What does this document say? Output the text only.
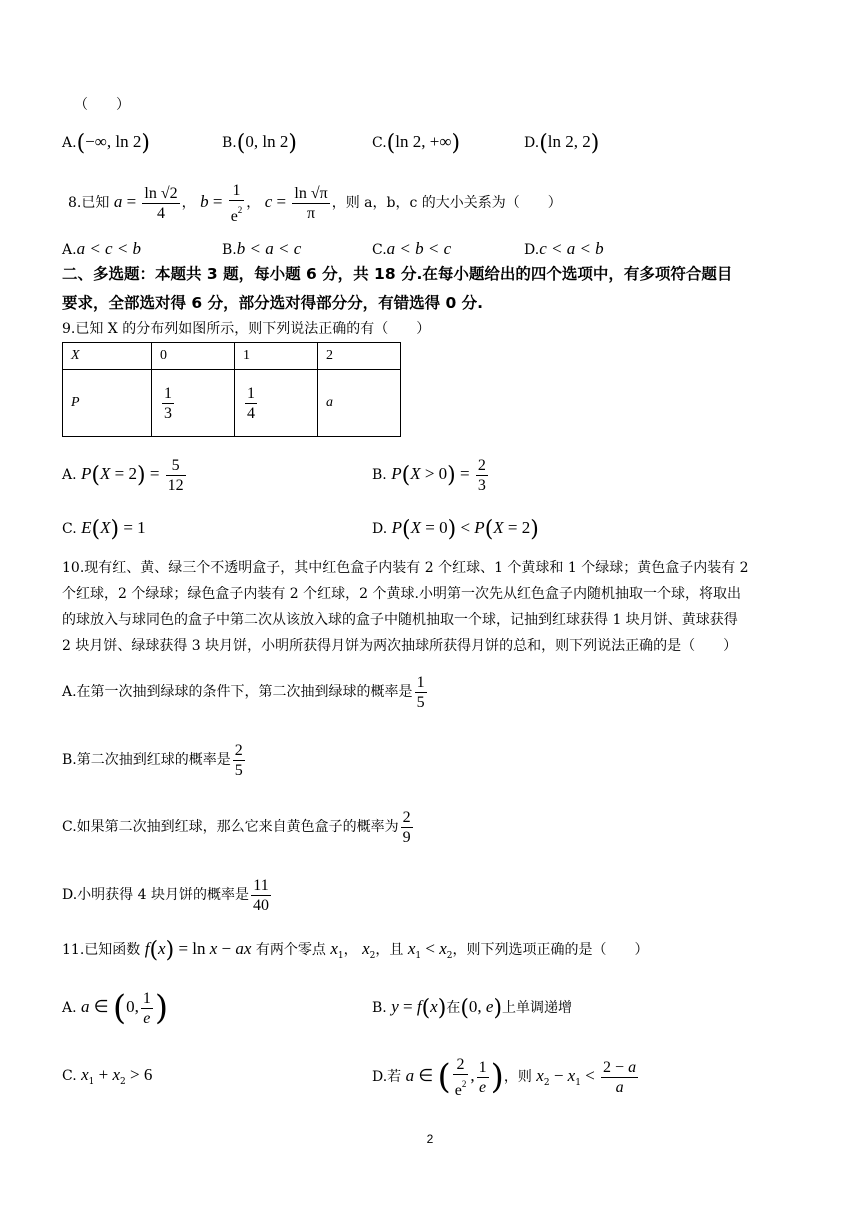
（　　）
A.(−∞, ln 2)	B.(0, ln 2)	C.(ln 2, +∞)	D.(ln 2, 2)
8.已知 $a = \frac{\ln √2}{4}$ ， $b = \frac{1}{e^2}$ ， $c = \frac{\ln √\pi}{\pi}$ ，则 a，b，c 的大小关系为（　　）
A.a < c < b	B.b < a < c	C.a < b < c	D.c < a < b
二、多选题：本题共 3 题，每小题 6 分，共 18 分.在每小题给出的四个选项中，有多项符合题目
要求，全部选对得 6 分，部分选对得部分分，有错选得 0 分.
9.已知 X 的分布列如图所示，则下列说法正确的有（　　）
X	0	1	2
P	$\frac{1}{3}$	$\frac{1}{4}$	a
A. $P(X = 2) = \frac{5}{12}$	B. $P(X > 0) = \frac{2}{3}$
C. E(X) = 1	D. P(X = 0) < P(X = 2)
10.现有红、黄、绿三个不透明盒子，其中红色盒子内装有 2 个红球、1 个黄球和 1 个绿球；黄色盒子内装有 2
个红球，2 个绿球；绿色盒子内装有 2 个红球，2 个黄球.小明第一次先从红色盒子内随机抽取一个球，将取出
的球放入与球同色的盒子中第二次从该放入球的盒子中随机抽取一个球，记抽到红球获得 1 块月饼、黄球获得
2 块月饼、绿球获得 3 块月饼，小明所获得月饼为两次抽球所获得月饼的总和，则下列说法正确的是（　　）
A.在第一次抽到绿球的条件下，第二次抽到绿球的概率是 $\frac{1}{5}$
B.第二次抽到红球的概率是 $\frac{2}{5}$
C.如果第二次抽到红球，那么它来自黄色盒子的概率为 $\frac{2}{9}$
D.小明获得 4 块月饼的概率是 $\frac{11}{40}$
11.已知函数 f(x) = ln x − ax 有两个零点 $x_1$， $x_2$，且 $x_1 < x_2$，则下列选项正确的是（　　）
A. a ∈ (0, $\frac{1}{e}$ )	B. y = f(x)在(0, e)上单调递增
C. $x_1 + x_2 > 6$	D.若 a ∈ ( $\frac{2}{e^2}$ , $\frac{1}{e}$ )，则 $x_2 - x_1 < \frac{2 - a}{a}$
2
